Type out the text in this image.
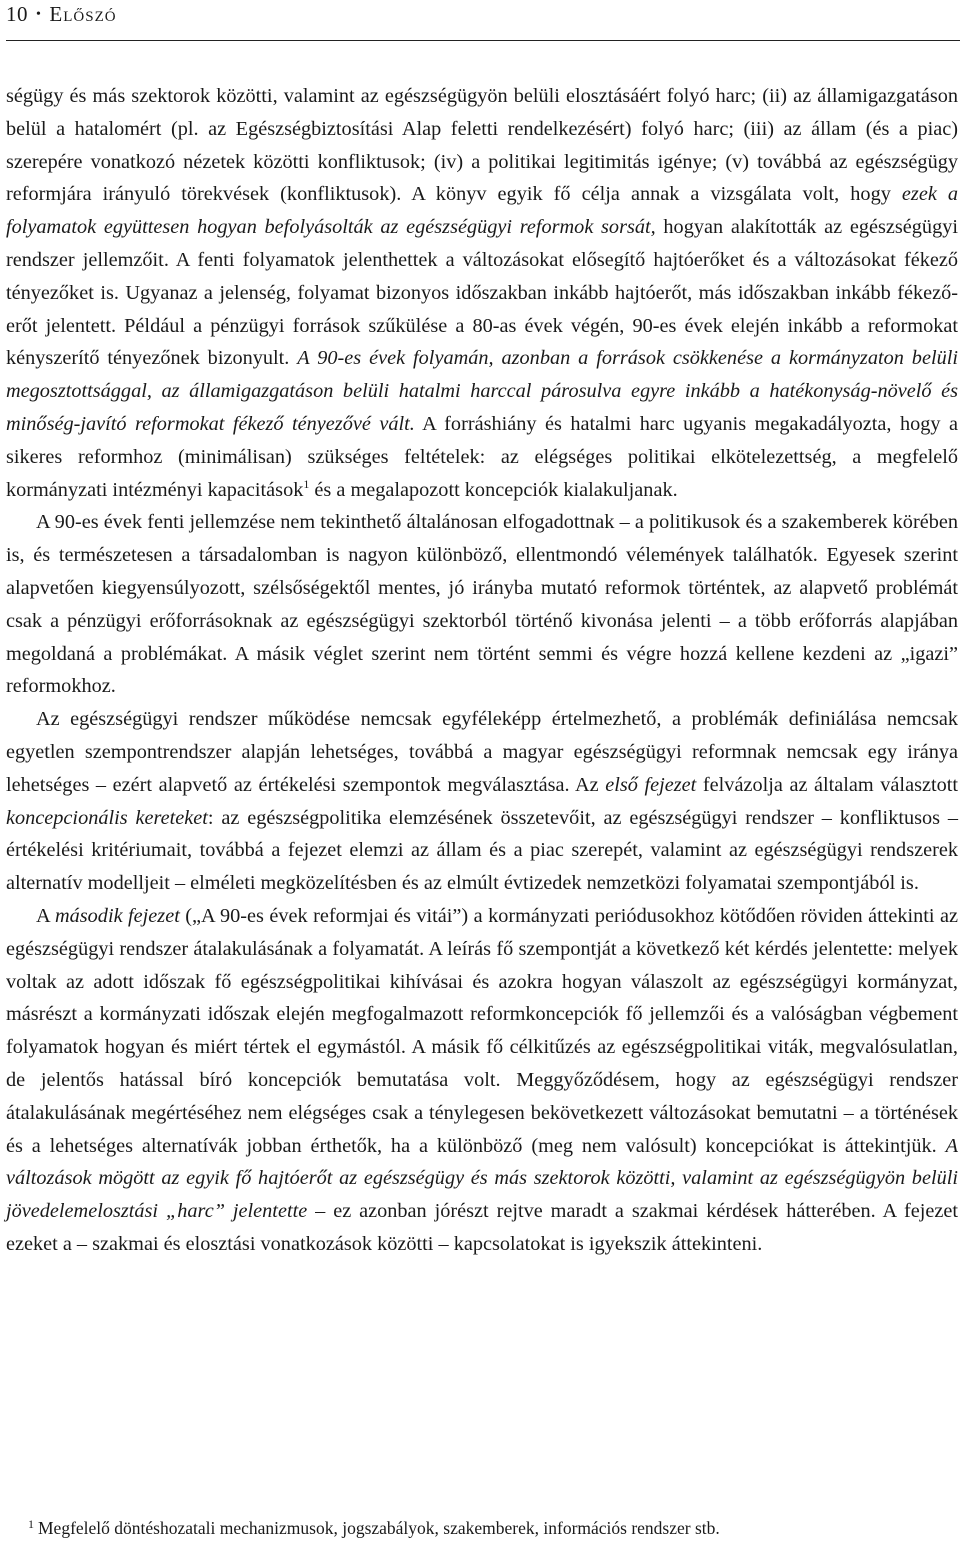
10 • Előszó

ségügy és más szektorok közötti, valamint az egészségügyön belüli elosztásáért folyó harc; (ii) az államigazgatáson belül a hatalomért (pl. az Egészségbiztosítási Alap feletti rendelkezésért) folyó harc; (iii) az állam (és a piac) szerepére vonatkozó nézetek közötti konfliktusok; (iv) a politikai legitimitás igénye; (v) továbbá az egészségügy reformjára irányuló törekvések (konfliktusok). A könyv egyik fő célja annak a vizsgálata volt, hogy ezek a folyamatok együttesen hogyan befolyásolták az egészségügyi reformok sorsát, hogyan alakították az egészségügyi rendszer jellemzőit. A fenti folyamatok jelenthettek a változásokat elősegítő hajtóerőket és a változásokat fékező tényezőket is. Ugyanaz a jelenség, folyamat bizonyos időszakban inkább hajtóerőt, más időszakban inkább fékező-erőt jelentett. Például a pénzügyi források szűkülése a 80-as évek végén, 90-es évek elején inkább a reformokat kényszerítő tényezőnek bizonyult. A 90-es évek folyamán, azonban a források csökkenése a kormányzaton belüli megosztottsággal, az államigazgatáson belüli hatalmi harccal párosulva egyre inkább a hatékonyság-növelő és minőség-javító reformokat fékező tényezővé vált. A forráshiány és hatalmi harc ugyanis megakadályozta, hogy a sikeres reformhoz (minimálisan) szükséges feltételek: az elégséges politikai elkötelezettség, a megfelelő kormányzati intézményi kapacitások$^1$ és a megalapozott koncepciók kialakuljanak.

A 90-es évek fenti jellemzése nem tekinthető általánosan elfogadottnak – a politikusok és a szakemberek körében is, és természetesen a társadalomban is nagyon különböző, ellentmondó vélemények találhatók. Egyesek szerint alapvetően kiegyensúlyozott, szélsőségektől mentes, jó irányba mutató reformok történtek, az alapvető problémát csak a pénzügyi erőforrásoknak az egészségügyi szektorból történő kivonása jelenti – a több erőforrás alapjában megoldaná a problémákat. A másik véglet szerint nem történt semmi és végre hozzá kellene kezdeni az „igazi” reformokhoz.

Az egészségügyi rendszer működése nemcsak egyféleképp értelmezhető, a problémák definiálása nemcsak egyetlen szempontrendszer alapján lehetséges, továbbá a magyar egészségügyi reformnak nemcsak egy iránya lehetséges – ezért alapvető az értékelési szempontok megválasztása. Az első fejezet felvázolja az általam választott koncepcionális kereteket: az egészségpolitika elemzésének összetevőit, az egészségügyi rendszer – konfliktusos – értékelési kritériumait, továbbá a fejezet elemzi az állam és a piac szerepét, valamint az egészségügyi rendszerek alternatív modelljeit – elméleti megközelítésben és az elmúlt évtizedek nemzetközi folyamatai szempontjából is.

A második fejezet („A 90-es évek reformjai és vitái”) a kormányzati periódusokhoz kötődően röviden áttekinti az egészségügyi rendszer átalakulásának a folyamatát. A leírás fő szempontját a következő két kérdés jelentette: melyek voltak az adott időszak fő egészségpolitikai kihívásai és azokra hogyan válaszolt az egészségügyi kormányzat, másrészt a kormányzati időszak elején megfogalmazott reformkoncepciók fő jellemzői és a valóságban végbement folyamatok hogyan és miért tértek el egymástól. A másik fő célkitűzés az egészségpolitikai viták, megvalósulatlan, de jelentős hatással bíró koncepciók bemutatása volt. Meggyőződésem, hogy az egészségügyi rendszer átalakulásának megértéséhez nem elégséges csak a ténylegesen bekövetkezett változásokat bemutatni – a történések és a lehetséges alternatívák jobban érthetők, ha a különböző (meg nem valósult) koncepciókat is áttekintjük. A változások mögött az egyik fő hajtóerőt az egészségügy és más szektorok közötti, valamint az egészségügyön belüli jövedelemelosztási „harc” jelentette – ez azonban jórészt rejtve maradt a szakmai kérdések hátterében. A fejezet ezeket a – szakmai és elosztási vonatkozások közötti – kapcsolatokat is igyekszik áttekinteni.

$^1$ Megfelelő döntéshozatali mechanizmusok, jogszabályok, szakemberek, információs rendszer stb.
